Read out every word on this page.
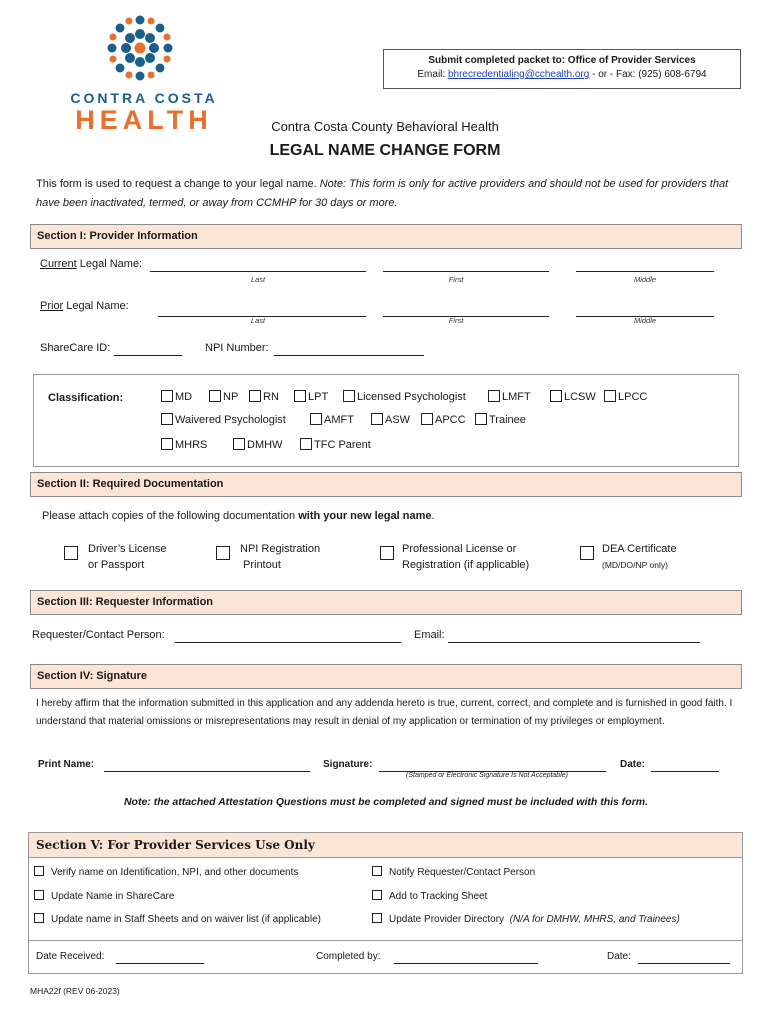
CONTRA COSTA
HEALTH
Submit completed packet to: Office of Provider Services
Email: bhrecredentialing@cchealth.org - or - Fax: (925) 608-6794
Contra Costa County Behavioral Health
LEGAL NAME CHANGE FORM
This form is used to request a change to your legal name. Note: This form is only for active providers and should not be used for providers that have been inactivated, termed, or away from CCMHP for 30 days or more.
Section I: Provider Information
Current Legal Name:
Last	First	Middle
Prior Legal Name:
Last	First	Middle
ShareCare ID:	NPI Number:
Classification:	MD	NP	RN	LPT	Licensed Psychologist	LMFT	LCSW	LPCC
Waivered Psychologist	AMFT	ASW	APCC	Trainee
MHRS	DMHW	TFC Parent
Section II: Required Documentation
Please attach copies of the following documentation with your new legal name.
Driver’s License
or Passport
NPI Registration
Printout
Professional License or
Registration (if applicable)
DEA Certificate
(MD/DO/NP only)
Section III: Requester Information
Requester/Contact Person:	Email:
Section IV: Signature
I hereby affirm that the information submitted in this application and any addenda hereto is true, current, correct, and complete and is furnished in good faith. I understand that material omissions or misrepresentations may result in denial of my application or termination of my privileges or employment.
Print Name:	Signature:	Date:
(Stamped or Electronic Signature Is Not Acceptable)
Note: the attached Attestation Questions must be completed and signed must be included with this form.
Section V: For Provider Services Use Only
Verify name on Identification, NPI, and other documents
Update Name in ShareCare
Update name in Staff Sheets and on waiver list (if applicable)
Notify Requester/Contact Person
Add to Tracking Sheet
Update Provider Directory (N/A for DMHW, MHRS, and Trainees)
Date Received:	Completed by:	Date:
MHA22f (REV 06-2023)
